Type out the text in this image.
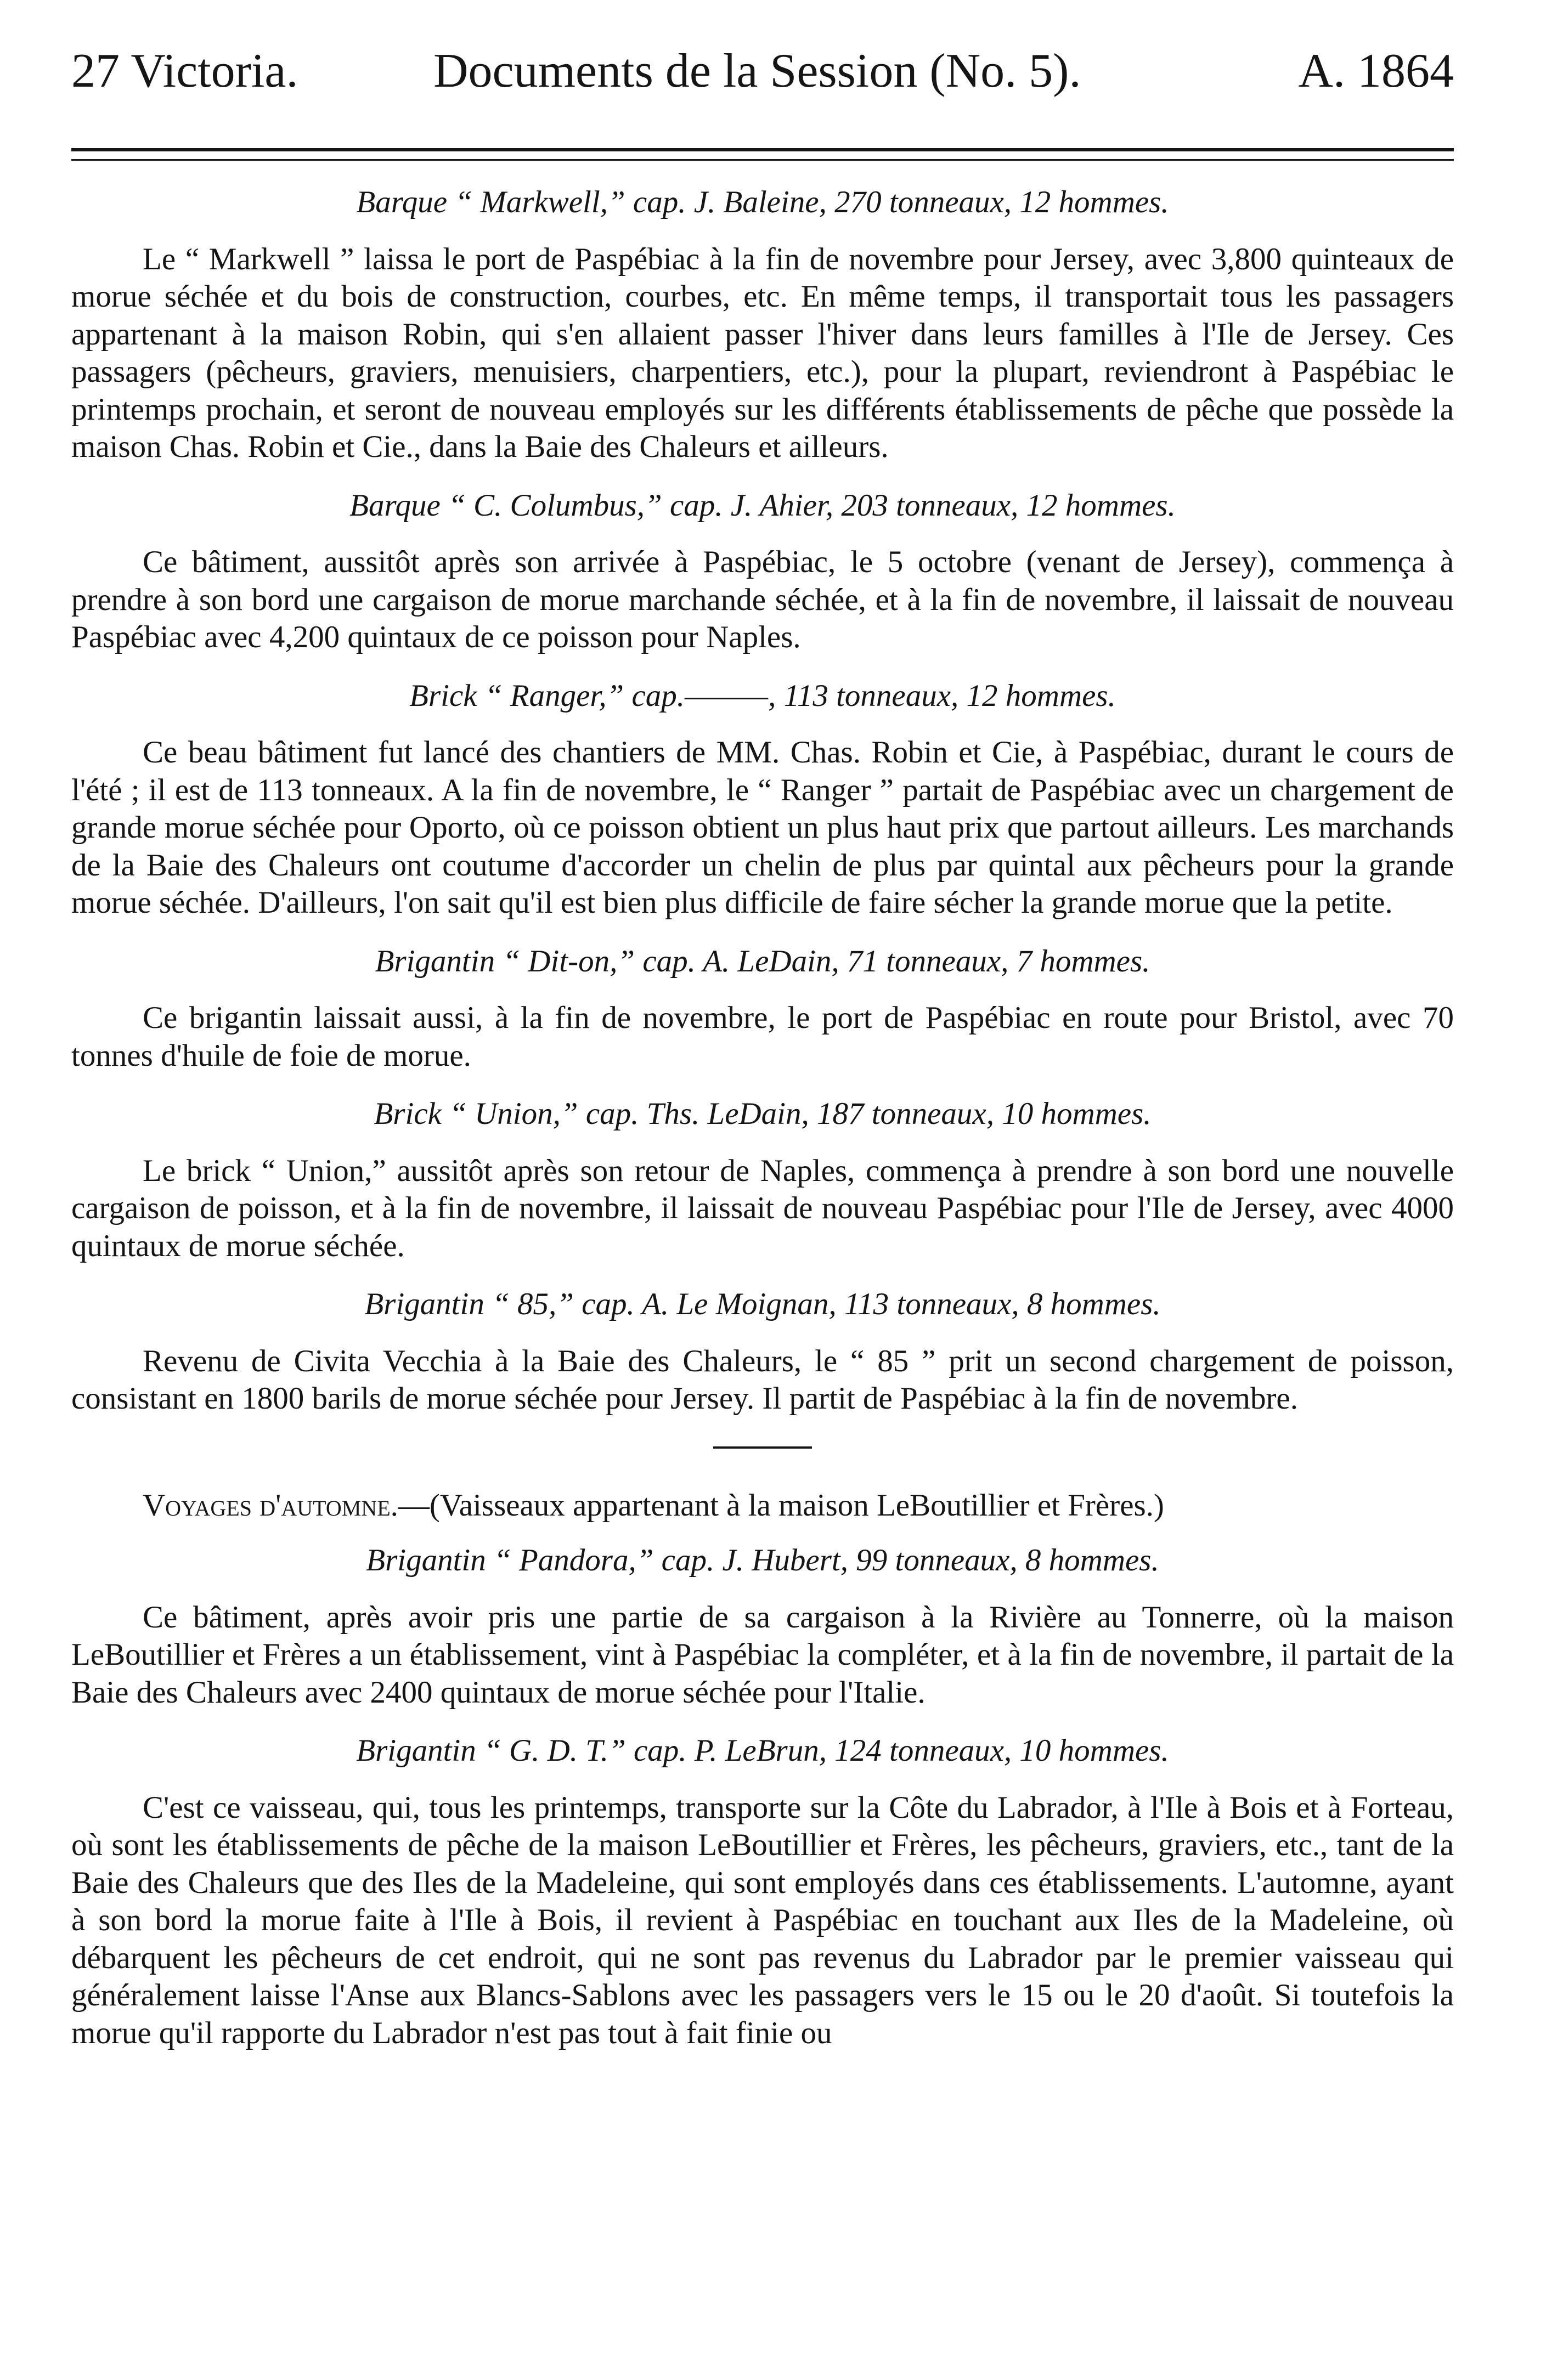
27 Victoria.	Documents de la Session (No. 5).	A. 1864

Barque “ Markwell,” cap. J. Baleine, 270 tonneaux, 12 hommes.

Le “ Markwell ” laissa le port de Paspébiac à la fin de novembre pour Jersey, avec 3,800 quinteaux de morue séchée et du bois de construction, courbes, etc. En même temps, il transportait tous les passagers appartenant à la maison Robin, qui s'en allaient passer l'hiver dans leurs familles à l'Ile de Jersey. Ces passagers (pêcheurs, graviers, menuisiers, charpentiers, etc.), pour la plupart, reviendront à Paspébiac le printemps prochain, et seront de nouveau employés sur les différents établissements de pêche que possède la maison Chas. Robin et Cie., dans la Baie des Chaleurs et ailleurs.

Barque “ C. Columbus,” cap. J. Ahier, 203 tonneaux, 12 hommes.

Ce bâtiment, aussitôt après son arrivée à Paspébiac, le 5 octobre (venant de Jersey), commença à prendre à son bord une cargaison de morue marchande séchée, et à la fin de novembre, il laissait de nouveau Paspébiac avec 4,200 quintaux de ce poisson pour Naples.

Brick “ Ranger,” cap.———, 113 tonneaux, 12 hommes.

Ce beau bâtiment fut lancé des chantiers de MM. Chas. Robin et Cie, à Paspébiac, durant le cours de l'été ; il est de 113 tonneaux. A la fin de novembre, le “ Ranger ” partait de Paspébiac avec un chargement de grande morue séchée pour Oporto, où ce poisson obtient un plus haut prix que partout ailleurs. Les marchands de la Baie des Chaleurs ont coutume d'accorder un chelin de plus par quintal aux pêcheurs pour la grande morue séchée. D'ailleurs, l'on sait qu'il est bien plus difficile de faire sécher la grande morue que la petite.

Brigantin “ Dit-on,” cap. A. LeDain, 71 tonneaux, 7 hommes.

Ce brigantin laissait aussi, à la fin de novembre, le port de Paspébiac en route pour Bristol, avec 70 tonnes d'huile de foie de morue.

Brick “ Union,” cap. Ths. LeDain, 187 tonneaux, 10 hommes.

Le brick “ Union,” aussitôt après son retour de Naples, commença à prendre à son bord une nouvelle cargaison de poisson, et à la fin de novembre, il laissait de nouveau Paspébiac pour l'Ile de Jersey, avec 4000 quintaux de morue séchée.

Brigantin “ 85,” cap. A. Le Moignan, 113 tonneaux, 8 hommes.

Revenu de Civita Vecchia à la Baie des Chaleurs, le “ 85 ” prit un second chargement de poisson, consistant en 1800 barils de morue séchée pour Jersey. Il partit de Paspébiac à la fin de novembre.

Voyages d'automne.—(Vaisseaux appartenant à la maison LeBoutillier et Frères.)

Brigantin “ Pandora,” cap. J. Hubert, 99 tonneaux, 8 hommes.

Ce bâtiment, après avoir pris une partie de sa cargaison à la Rivière au Tonnerre, où la maison LeBoutillier et Frères a un établissement, vint à Paspébiac la compléter, et à la fin de novembre, il partait de la Baie des Chaleurs avec 2400 quintaux de morue séchée pour l'Italie.

Brigantin “ G. D. T.” cap. P. LeBrun, 124 tonneaux, 10 hommes.

C'est ce vaisseau, qui, tous les printemps, transporte sur la Côte du Labrador, à l'Ile à Bois et à Forteau, où sont les établissements de pêche de la maison LeBoutillier et Frères, les pêcheurs, graviers, etc., tant de la Baie des Chaleurs que des Iles de la Madeleine, qui sont employés dans ces établissements. L'automne, ayant à son bord la morue faite à l'Ile à Bois, il revient à Paspébiac en touchant aux Iles de la Madeleine, où débarquent les pêcheurs de cet endroit, qui ne sont pas revenus du Labrador par le premier vaisseau qui généralement laisse l'Anse aux Blancs-Sablons avec les passagers vers le 15 ou le 20 d'août. Si toutefois la morue qu'il rapporte du Labrador n'est pas tout à fait finie ou
